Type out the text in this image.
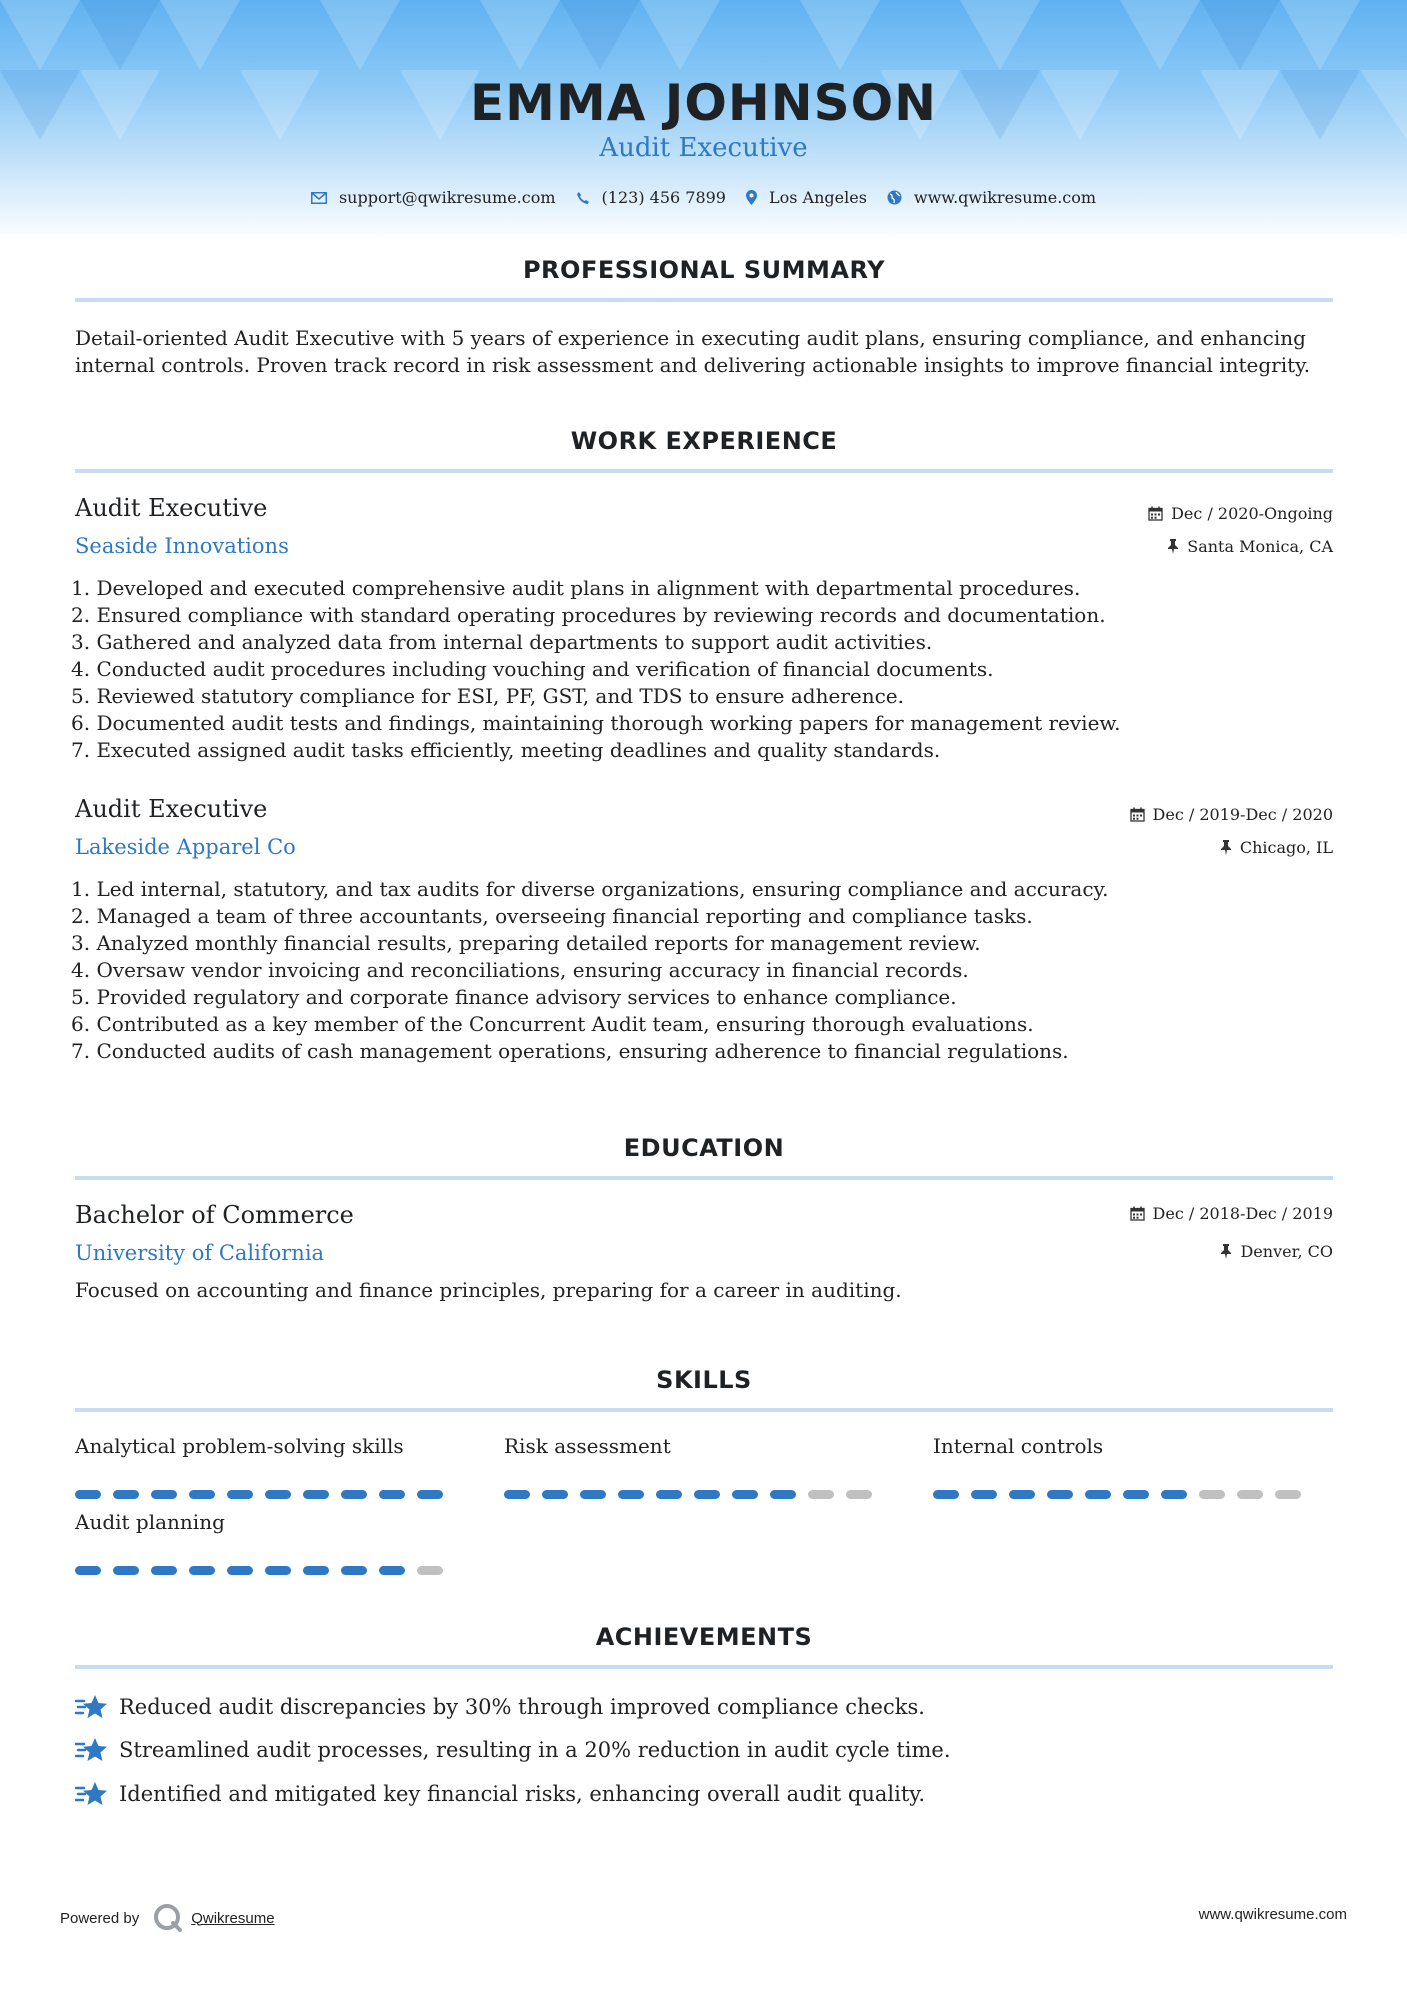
EMMA JOHNSON
Audit Executive
support@qwikresume.com	(123) 456 7899	Los Angeles	www.qwikresume.com
PROFESSIONAL SUMMARY
Detail-oriented Audit Executive with 5 years of experience in executing audit plans, ensuring compliance, and enhancing internal controls. Proven track record in risk assessment and delivering actionable insights to improve financial integrity.
WORK EXPERIENCE
Audit Executive
Seaside Innovations
Dec / 2020-Ongoing
Santa Monica, CA
1. Developed and executed comprehensive audit plans in alignment with departmental procedures.
2. Ensured compliance with standard operating procedures by reviewing records and documentation.
3. Gathered and analyzed data from internal departments to support audit activities.
4. Conducted audit procedures including vouching and verification of financial documents.
5. Reviewed statutory compliance for ESI, PF, GST, and TDS to ensure adherence.
6. Documented audit tests and findings, maintaining thorough working papers for management review.
7. Executed assigned audit tasks efficiently, meeting deadlines and quality standards.
Audit Executive
Lakeside Apparel Co
Dec / 2019-Dec / 2020
Chicago, IL
1. Led internal, statutory, and tax audits for diverse organizations, ensuring compliance and accuracy.
2. Managed a team of three accountants, overseeing financial reporting and compliance tasks.
3. Analyzed monthly financial results, preparing detailed reports for management review.
4. Oversaw vendor invoicing and reconciliations, ensuring accuracy in financial records.
5. Provided regulatory and corporate finance advisory services to enhance compliance.
6. Contributed as a key member of the Concurrent Audit team, ensuring thorough evaluations.
7. Conducted audits of cash management operations, ensuring adherence to financial regulations.
EDUCATION
Bachelor of Commerce
University of California
Dec / 2018-Dec / 2019
Denver, CO
Focused on accounting and finance principles, preparing for a career in auditing.
SKILLS
Analytical problem-solving skills	Risk assessment	Internal controls
Audit planning
ACHIEVEMENTS
Reduced audit discrepancies by 30% through improved compliance checks.
Streamlined audit processes, resulting in a 20% reduction in audit cycle time.
Identified and mitigated key financial risks, enhancing overall audit quality.
Powered by	Qwikresume	www.qwikresume.com
